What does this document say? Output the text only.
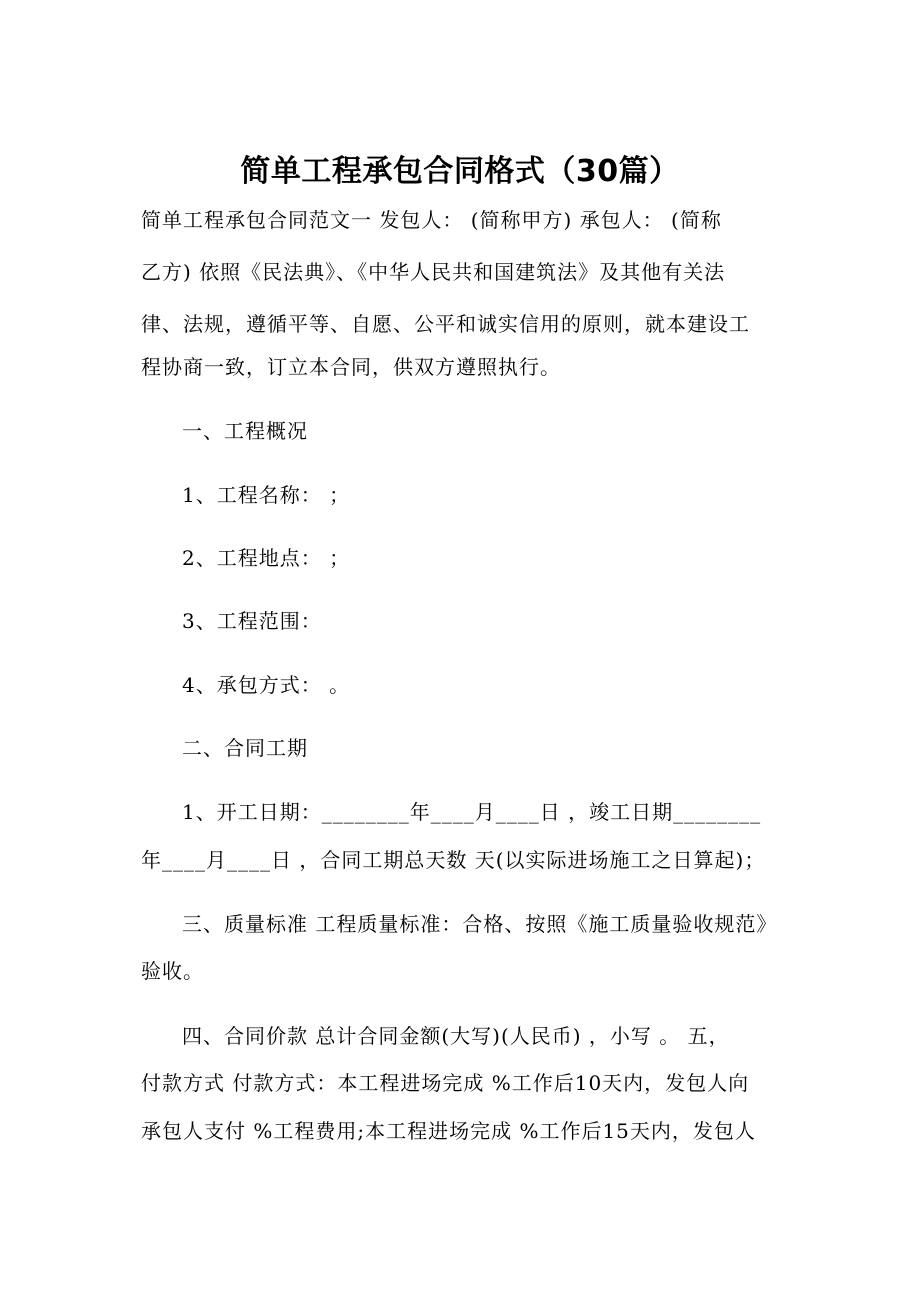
简单工程承包合同格式（30篇）
简单工程承包合同范文一 发包人： (简称甲方) 承包人： (简称
乙方) 依照《民法典》、《中华人民共和国建筑法》及其他有关法
律、法规，遵循平等、自愿、公平和诚实信用的原则，就本建设工
程协商一致，订立本合同，供双方遵照执行。
一、工程概况
1、工程名称： ；
2、工程地点： ；
3、工程范围：
4、承包方式： 。
二、合同工期
1、开工日期：________年____月____日 ，竣工日期________
年____月____日 ，合同工期总天数 天(以实际进场施工之日算起)；
三、质量标准 工程质量标准：合格、按照《施工质量验收规范》
验收。
四、合同价款 总计合同金额(大写)(人民币) ，小写 。 五，
付款方式 付款方式：本工程进场完成 %工作后10天内，发包人向
承包人支付 %工程费用;本工程进场完成 %工作后15天内，发包人
